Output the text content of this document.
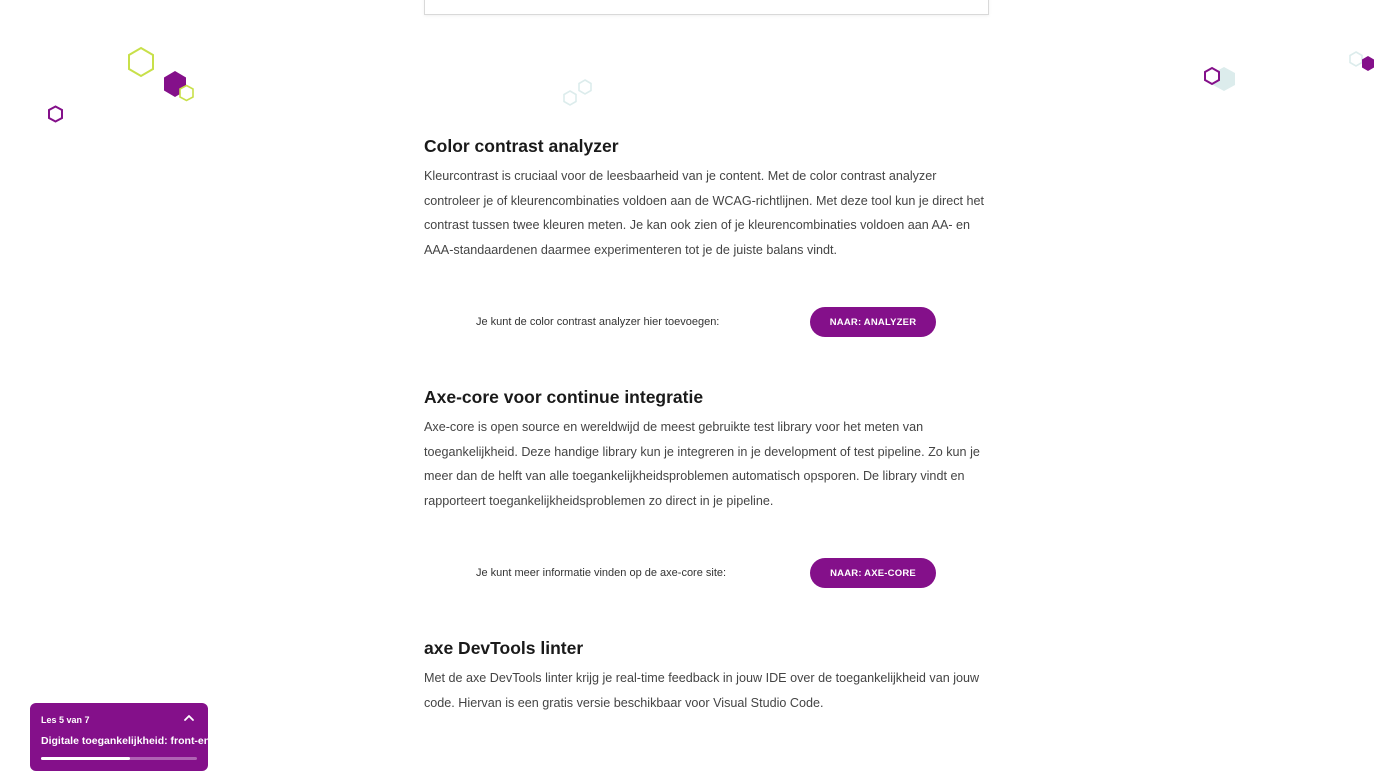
Color contrast analyzer

Kleurcontrast is cruciaal voor de leesbaarheid van je content. Met de color contrast analyzer controleer je of kleurencombinaties voldoen aan de WCAG-richtlijnen. Met deze tool kun je direct het contrast tussen twee kleuren meten. Je kan ook zien of je kleurencombinaties voldoen aan AA- en AAA-standaardenen daarmee experimenteren tot je de juiste balans vindt.

Je kunt de color contrast analyzer hier toevoegen:	NAAR: ANALYZER
Axe-core voor continue integratie

Axe-core is open source en wereldwijd de meest gebruikte test library voor het meten van toegankelijkheid. Deze handige library kun je integreren in je development of test pipeline. Zo kun je meer dan de helft van alle toegankelijkheidsproblemen automatisch opsporen. De library vindt en rapporteert toegankelijkheidsproblemen zo direct in je pipeline.

Je kunt meer informatie vinden op de axe-core site:	NAAR: AXE-CORE
axe DevTools linter

Met de axe DevTools linter krijg je real-time feedback in jouw IDE over de toegankelijkheid van jouw code. Hiervan is een gratis versie beschikbaar voor Visual Studio Code.

Les 5 van 7
Digitale toegankelijkheid: front-end development
